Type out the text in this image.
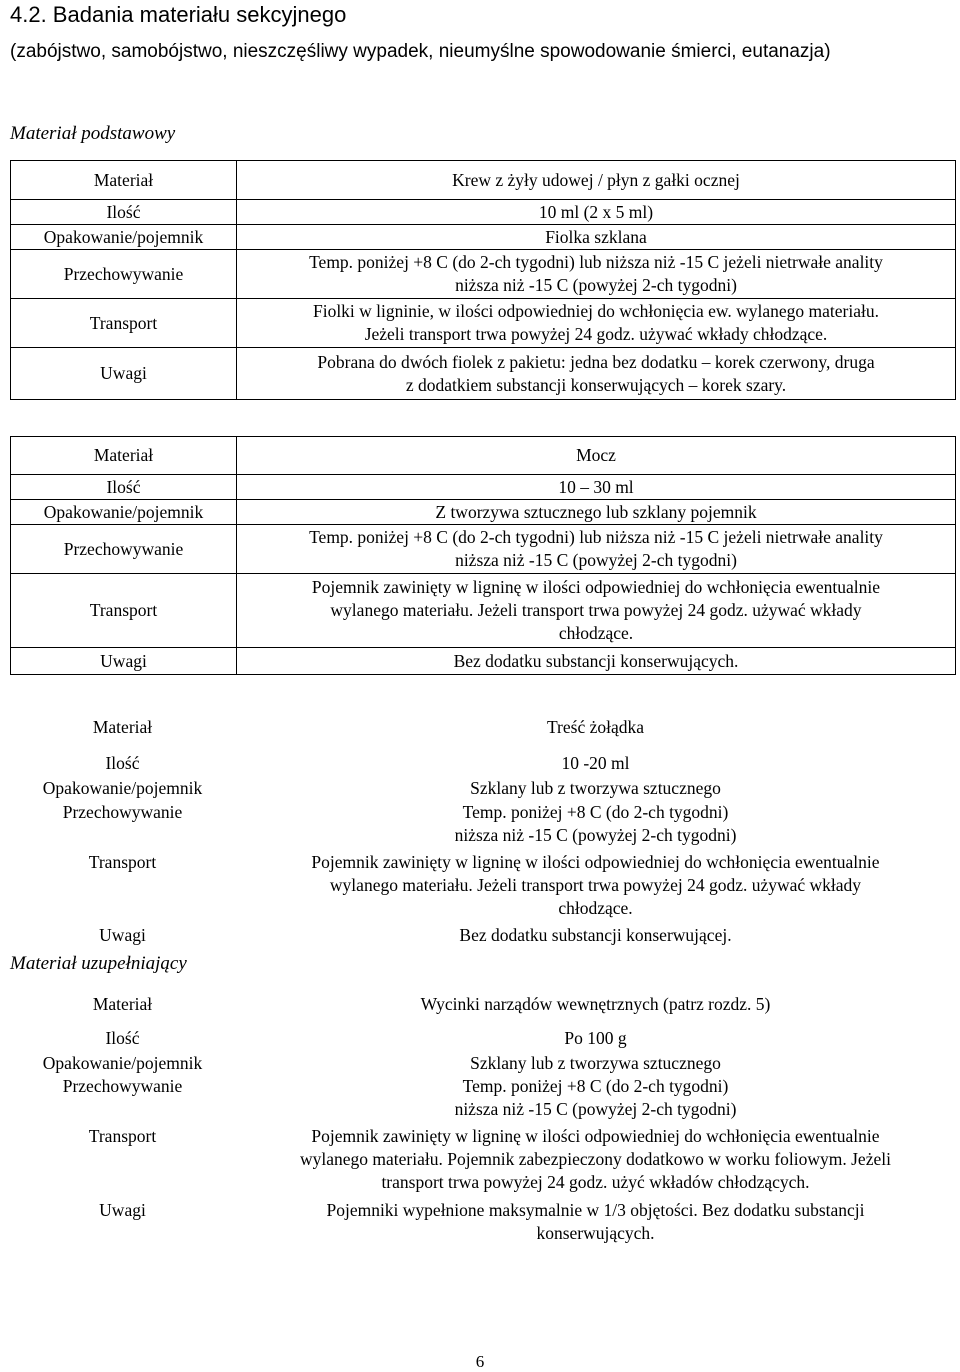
4.2. Badania materiału sekcyjnego
(zabójstwo, samobójstwo, nieszczęśliwy wypadek, nieumyślne spowodowanie śmierci, eutanazja)
Materiał podstawowy
Materiał	Krew z żyły udowej / płyn z gałki ocznej
Ilość	10 ml (2 x 5 ml)
Opakowanie/pojemnik	Fiolka szklana
Przechowywanie	Temp. poniżej +8 C (do 2-ch tygodni) lub niższa niż -15 C jeżeli nietrwałe anality
niższa niż -15 C (powyżej 2-ch tygodni)

Transport	Fiolki w ligninie, w ilości odpowiedniej do wchłonięcia ew. wylanego materiału.
Jeżeli transport trwa powyżej 24 godz. używać wkłady chłodzące.

Uwagi	Pobrana do dwóch fiolek z pakietu: jedna bez dodatku – korek czerwony, druga
z dodatkiem substancji konserwujących – korek szary.
Materiał	Mocz
Ilość	10 – 30 ml
Opakowanie/pojemnik	Z tworzywa sztucznego lub szklany pojemnik
Przechowywanie	Temp. poniżej +8 C (do 2-ch tygodni) lub niższa niż -15 C jeżeli nietrwałe anality
niższa niż -15 C (powyżej 2-ch tygodni)

Transport	Pojemnik zawinięty w ligninę w ilości odpowiedniej do wchłonięcia ewentualnie
wylanego materiału. Jeżeli transport trwa powyżej 24 godz. używać wkłady
chłodzące.

Uwagi	Bez dodatku substancji konserwujących.
Materiał	Treść żołądka

Ilość	10 -20 ml
Opakowanie/pojemnik	Szklany lub z tworzywa sztucznego
Przechowywanie	Temp. poniżej +8 C (do 2-ch tygodni)
niższa niż -15 C (powyżej 2-ch tygodni)

Transport	Pojemnik zawinięty w ligninę w ilości odpowiedniej do wchłonięcia ewentualnie
wylanego materiału. Jeżeli transport trwa powyżej 24 godz. używać wkłady
chłodzące.

Uwagi	Bez dodatku substancji konserwującej.
Materiał uzupełniający
Materiał	Wycinki narządów wewnętrznych (patrz rozdz. 5)

Ilość	Po 100 g
Opakowanie/pojemnik	Szklany lub z tworzywa sztucznego
Przechowywanie	Temp. poniżej +8 C (do 2-ch tygodni)
niższa niż -15 C (powyżej 2-ch tygodni)

Transport	Pojemnik zawinięty w ligninę w ilości odpowiedniej do wchłonięcia ewentualnie
wylanego materiału. Pojemnik zabezpieczony dodatkowo w worku foliowym. Jeżeli
transport trwa powyżej 24 godz. użyć wkładów chłodzących.

Uwagi	Pojemniki wypełnione maksymalnie w 1/3 objętości. Bez dodatku substancji
konserwujących.
6
